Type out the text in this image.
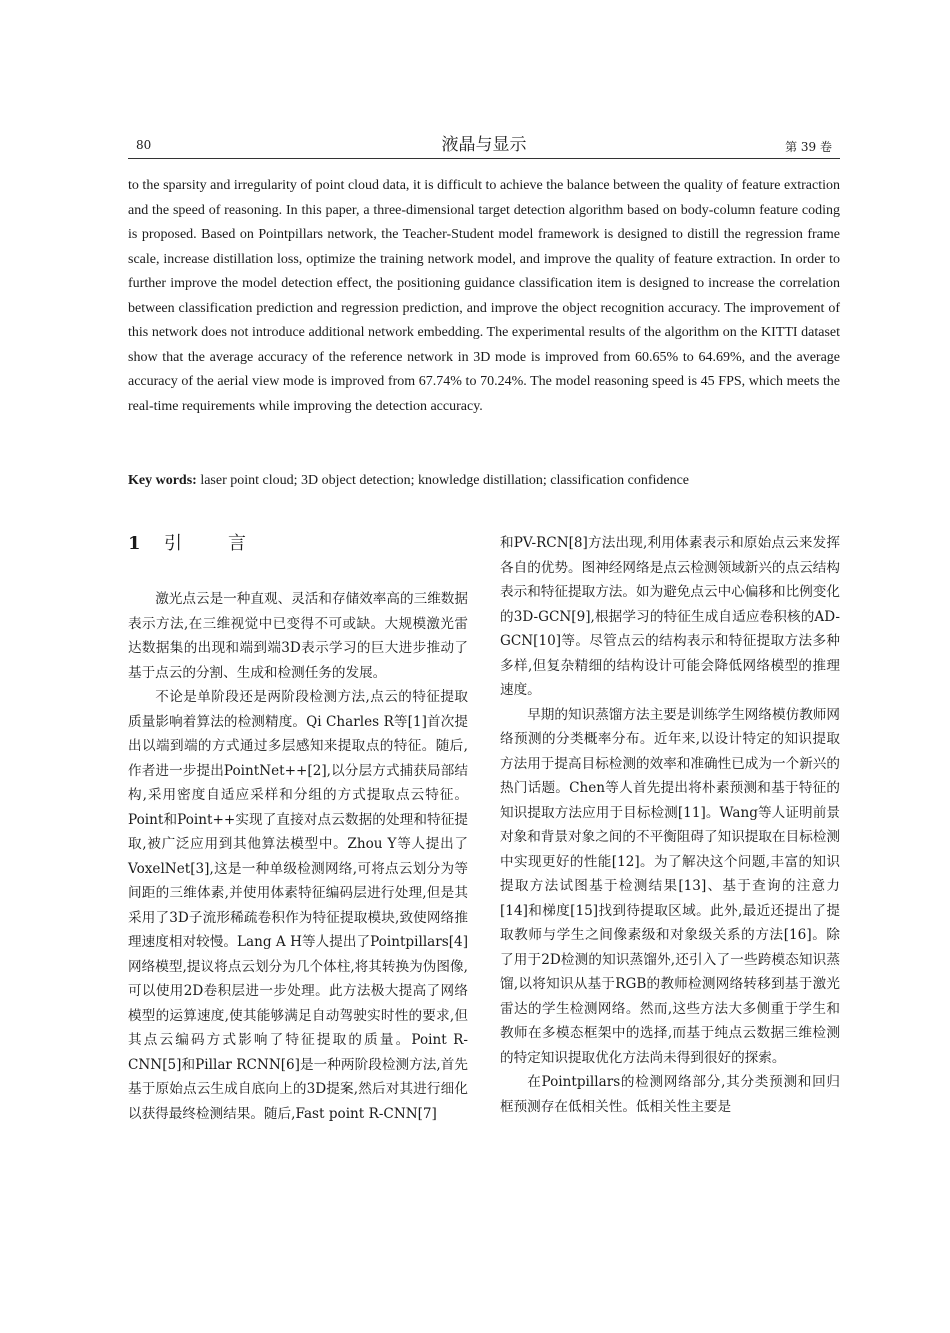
80	液晶与显示	第 39 卷

to the sparsity and irregularity of point cloud data, it is difficult to achieve the balance between the quality of feature extraction and the speed of reasoning. In this paper, a three-dimensional target detection algorithm based on body-column feature coding is proposed. Based on Pointpillars network, the Teacher-Student model framework is designed to distill the regression frame scale, increase distillation loss, optimize the training network model, and improve the quality of feature extraction. In order to further improve the model detection effect, the positioning guidance classification item is designed to increase the correlation between classification prediction and regression prediction, and improve the object recognition accuracy. The improvement of this network does not introduce additional network embedding. The experimental results of the algorithm on the KITTI dataset show that the average accuracy of the reference network in 3D mode is improved from 60.65% to 64.69%, and the average accuracy of the aerial view mode is improved from 67.74% to 70.24%. The model reasoning speed is 45 FPS, which meets the real-time requirements while improving the detection accuracy.

Key words: laser point cloud; 3D object detection; knowledge distillation; classification confidence

1 引	言

激光点云是一种直观、灵活和存储效率高的三维数据表示方法,在三维视觉中已变得不可或缺。大规模激光雷达数据集的出现和端到端3D表示学习的巨大进步推动了基于点云的分割、生成和检测任务的发展。

不论是单阶段还是两阶段检测方法,点云的特征提取质量影响着算法的检测精度。Qi Charles R等[1]首次提出以端到端的方式通过多层感知来提取点的特征。随后,作者进一步提出PointNet++[2],以分层方式捕获局部结构,采用密度自适应采样和分组的方式提取点云特征。Point和Point++实现了直接对点云数据的处理和特征提取,被广泛应用到其他算法模型中。Zhou Y等人提出了VoxelNet[3],这是一种单级检测网络,可将点云划分为等间距的三维体素,并使用体素特征编码层进行处理,但是其采用了3D子流形稀疏卷积作为特征提取模块,致使网络推理速度相对较慢。Lang A H等人提出了Pointpillars[4]网络模型,提议将点云划分为几个体柱,将其转换为伪图像,可以使用2D卷积层进一步处理。此方法极大提高了网络模型的运算速度,使其能够满足自动驾驶实时性的要求,但其点云编码方式影响了特征提取的质量。Point R-CNN[5]和Pillar RCNN[6]是一种两阶段检测方法,首先基于原始点云生成自底向上的3D提案,然后对其进行细化以获得最终检测结果。随后,Fast point R-CNN[7]

和PV-RCN[8]方法出现,利用体素表示和原始点云来发挥各自的优势。图神经网络是点云检测领域新兴的点云结构表示和特征提取方法。如为避免点云中心偏移和比例变化的3D-GCN[9],根据学习的特征生成自适应卷积核的AD-GCN[10]等。尽管点云的结构表示和特征提取方法多种多样,但复杂精细的结构设计可能会降低网络模型的推理速度。

早期的知识蒸馏方法主要是训练学生网络模仿教师网络预测的分类概率分布。近年来,以设计特定的知识提取方法用于提高目标检测的效率和准确性已成为一个新兴的热门话题。Chen等人首先提出将朴素预测和基于特征的知识提取方法应用于目标检测[11]。Wang等人证明前景对象和背景对象之间的不平衡阻碍了知识提取在目标检测中实现更好的性能[12]。为了解决这个问题,丰富的知识提取方法试图基于检测结果[13]、基于查询的注意力[14]和梯度[15]找到待提取区域。此外,最近还提出了提取教师与学生之间像素级和对象级关系的方法[16]。除了用于2D检测的知识蒸馏外,还引入了一些跨模态知识蒸馏,以将知识从基于RGB的教师检测网络转移到基于激光雷达的学生检测网络。然而,这些方法大多侧重于学生和教师在多模态框架中的选择,而基于纯点云数据三维检测的特定知识提取优化方法尚未得到很好的探索。

在Pointpillars的检测网络部分,其分类预测和回归框预测存在低相关性。低相关性主要是
